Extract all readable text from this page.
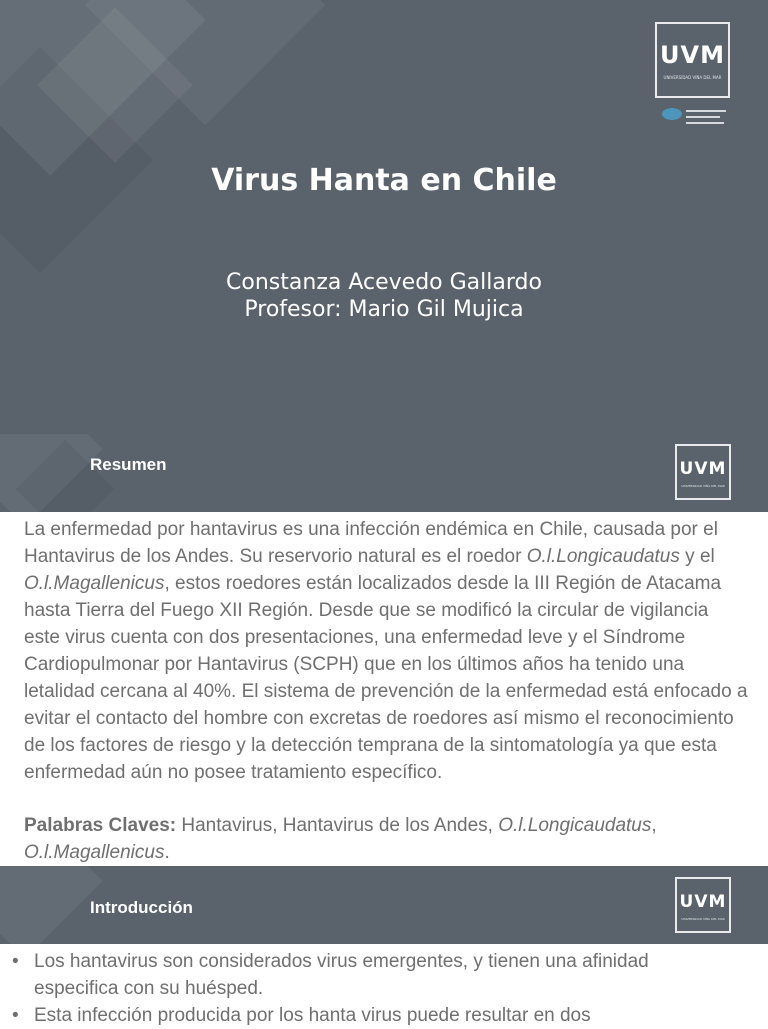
UVM
UNIVERSIDAD VIÑA DEL MAR
Virus Hanta en Chile
Constanza Acevedo Gallardo
Profesor: Mario Gil Mujica
Resumen	UVM
UNIVERSIDAD VIÑA DEL MAR

La enfermedad por hantavirus es una infección endémica en Chile, causada por el Hantavirus de los Andes. Su reservorio natural es el roedor O.l.Longicaudatus y el O.l.Magallenicus, estos roedores están localizados desde la III Región de Atacama hasta Tierra del Fuego XII Región. Desde que se modificó la circular de vigilancia este virus cuenta con dos presentaciones, una enfermedad leve y el Síndrome Cardiopulmonar por Hantavirus (SCPH) que en los últimos años ha tenido una letalidad cercana al 40%. El sistema de prevención de la enfermedad está enfocado a evitar el contacto del hombre con excretas de roedores así mismo el reconocimiento de los factores de riesgo y la detección temprana de la sintomatología ya que esta enfermedad aún no posee tratamiento específico.

Palabras Claves: Hantavirus, Hantavirus de los Andes, O.l.Longicaudatus, O.l.Magallenicus.

Introducción	UVM
UNIVERSIDAD VIÑA DEL MAR
• Los hantavirus son considerados virus emergentes, y tienen una afinidad especifica con su huésped.
• Esta infección producida por los hanta virus puede resultar en dos
